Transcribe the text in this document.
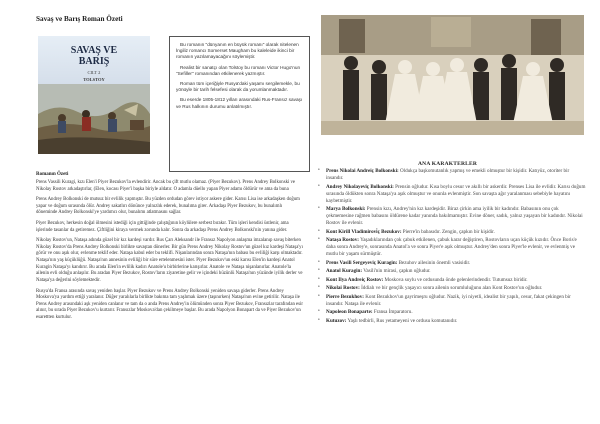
Savaş ve Barış Roman Özeti
SAVAŞ VE
BARIŞ
CILT 2
TOLSTOY

Bu romanın "dünyanın en büyük romanı" olarak nitelenen İngiliz romancı Somerset Maugham bu kaleleide ikinci bir romanın yazılamayacağını söylemiştir.

Realist bir sanatçı olan Tolstoy bu romanı Victor Hugo'nun "Sefiller" romanından etkilenerek yazmıştır.

Roman tüm içeriğiyle Rusya'daki yaşamı sergilemekle, bu yönüyle bir tarih felsefesi olarak da yorumlanmaktadır.

Bu eserde 1805-1812 yılları arasındaki Rus-Fransız savaşı ve Rus halkının durumu anlatılmıştır.

ANA KARAKTERLER
Romanın Özeti

Prens Vassili Kuragi, kızı Elen'i Piyer Bezukov'la evlendirir. Ancak bu çift mutlu olamaz. (Piyer Bezukov). Prens Andrey Bolkonski ve Nikolay Rostov arkadaştırlar, (Elen, kocası Piyer'i başka biriyle aldatır. O adamla düello yapan Piyer adamı öldürür ve ama da buna

Prens Andrey Bolkonski de mutsuz bir evlilik yapmıştır. Bu yüzden ordudan görev istiyor askere gider. Karısı Lisa ise arkadaşken doğum yapar ve doğum sırasında ölür. Andrey sakatlırı dönünce yalnızlık ederek, bunalıma girer. Arkadaşı Piyer Bezukov, bu bunalımlı döneminde Andrey Bolkonski'ye yardımcı olur, bunalımı atlatmasını sağlar.

Piyer Bezukov, herkesin doğal ölmesini istediği için gittiğinde çalıştığının köylülere serbest bırakır. Tüm işleri kendisi üstlenir, ama işlerinde tasanlar da getiremez. Çiftliğini kiraya vermek zorunda kalır. Sonra da arkadaşı Prens Andrey Bolkonski'nin yanına gider.

Nikolay Rostov'un, Nataşa adında güzel bir kız kardeşi vardır. Rus Çarı Aleksandr ile Fransız Napolyon anlaşma imzalanıp savaş biterken Nikolay Rostov'da Prens Andrey Bolkonski birlikte savaştan dönerler. Bir gün Prens Andrey Nikolay Rostov'un güzel kız kardeşi Nataşa'yı görür ve onu aşık olur, evlenme teklif eder. Nataşa kabul eder bu teklifi. Nişanlarından sonra Nataşa'nın babası bu evliliği karşı olmaktadır. Nataşa'nın yaş küçüklüğü. Nataşa'nın annesinin evliliği bir süre ertelenmesini ister. Piyer Bezukov'un eski karısı Elen'in kardeşi Anatol Kuragin Nataşa'yı kandırır. Bu arada Elen'in evlilik kadırı Anatole'u birbirlerine karışırlar. Anatole ve Nataşa nişanlanırlar. Anatole'la ailenin evli olduğu anlaşılır. Bu aradan Piyer Bezukov, Rostov'ların ziyaretine gelir ve içindeki hüzünlü Nataşa'nın yüzünde iyilik derler ve Nataşa'ya değerini söylemektedir.

Rusya'da Fransa arasında savaş yeniden başlar. Piyer Bezukov ve Prens Andrey Bolkonski yeniden savaşa giderler. Prens Andrey Moskova'ya yardım ettiği yaralanır. Düğer yaralılarla birlikte bakıma tam yaşlımak üzere (taşınırken) Nataşa'nın evine getirilir. Nataşa ile Prens Andrey arasındaki aşk yeniden canlanır ve tam da o anda Prens Andrey'in ölümünden sonra Piyer Bezukov, Fransızlar tarafından esir alınır, bu sırada Piyer Bezukov'u kurtarır. Fransızlar Moskova'dan çekilmeye başlar. Bu arada Napolyon Bonapart da ve Piyer Bezukov'un esarettten kurtulur.

• Prens Nikolai Andreiç Bolkonski: Oldukça başkomutanlık yapmış ve emekli olmuştur bir kişidir. Katıyüz, otoriter bir insandır.
• Andrey Nikolayeviç Bolkonski: Prensin oğludur. Kısa boylu cesur ve akıllı bir askerdir. Prenses Lisa ile evlidir. Karısı doğum sırasında öldükten sonra Nataşa'ya aşık olmuştur ve onunla evlenmiştir. Son savaşta ağır yaralanması sebebiyle hayatını kaybetmiştir.
• Marya Bolkonski: Prensin kızı, Andrey'nin kız kardeşidir. Biraz çirkin ama iyilik bir kadındır. Babasının onu çok çekmemesine rağmen babasını öldürene kadar yanında bakılmamıştır. Evine döner, sadık, yalnız yaşayan bir kadındır. Nikolai Rostov ile evlenir.
• Kont Kirill Vladimirovi̇ç Bezukov: Pierre'in babasıdır. Zengin, çapkın bir kişidir.
• Nataşa Rostov: Yaşadıklarından çok çabuk etkilenen, çabuk karar değiştiren, Rostovların uçan küçük kızıdır. Önce Boris'e daha sonra Andrey'e, sonrasında Anatol'a ve sonra Piyer'e aşık olmuştur. Andrey'den sonra Piyer'le evlenir, ve evlenmiş ve mutlu bir yaşam sürmüştür.
• Prens Vasili Sergeyeviç Kuragin: Bezuhov ailesinin önemli vasisidir.
• Anatol Kuragin: Vasili'nin mirasi, çapkın oğludur.
• Kont Ilya Andreiç Rostov: Moskova soylu ve ordusunda önde gelenlerindendir. Tutumsuz biridir.
• Nikolai Rostov: İddialı ve bir gençlik yaşayıcı sonra ailenin sorumluluğunu alan Kont Rostov'un oğludur.
• Pierre Bezukhov: Kont Bezukhov'un gayrimeşru oğludur. Nazik, iyi niyetli, idealist bir yapılı, cesur, fakat çekingen bir insandır. Nataşa ile evlenir.
• Napoleon Bonaparte: Fransa İmparatoru.
• Kutuzov: Yaşlı tedbirli, Rus yetameyeni ve ordusu komutanıdır.
